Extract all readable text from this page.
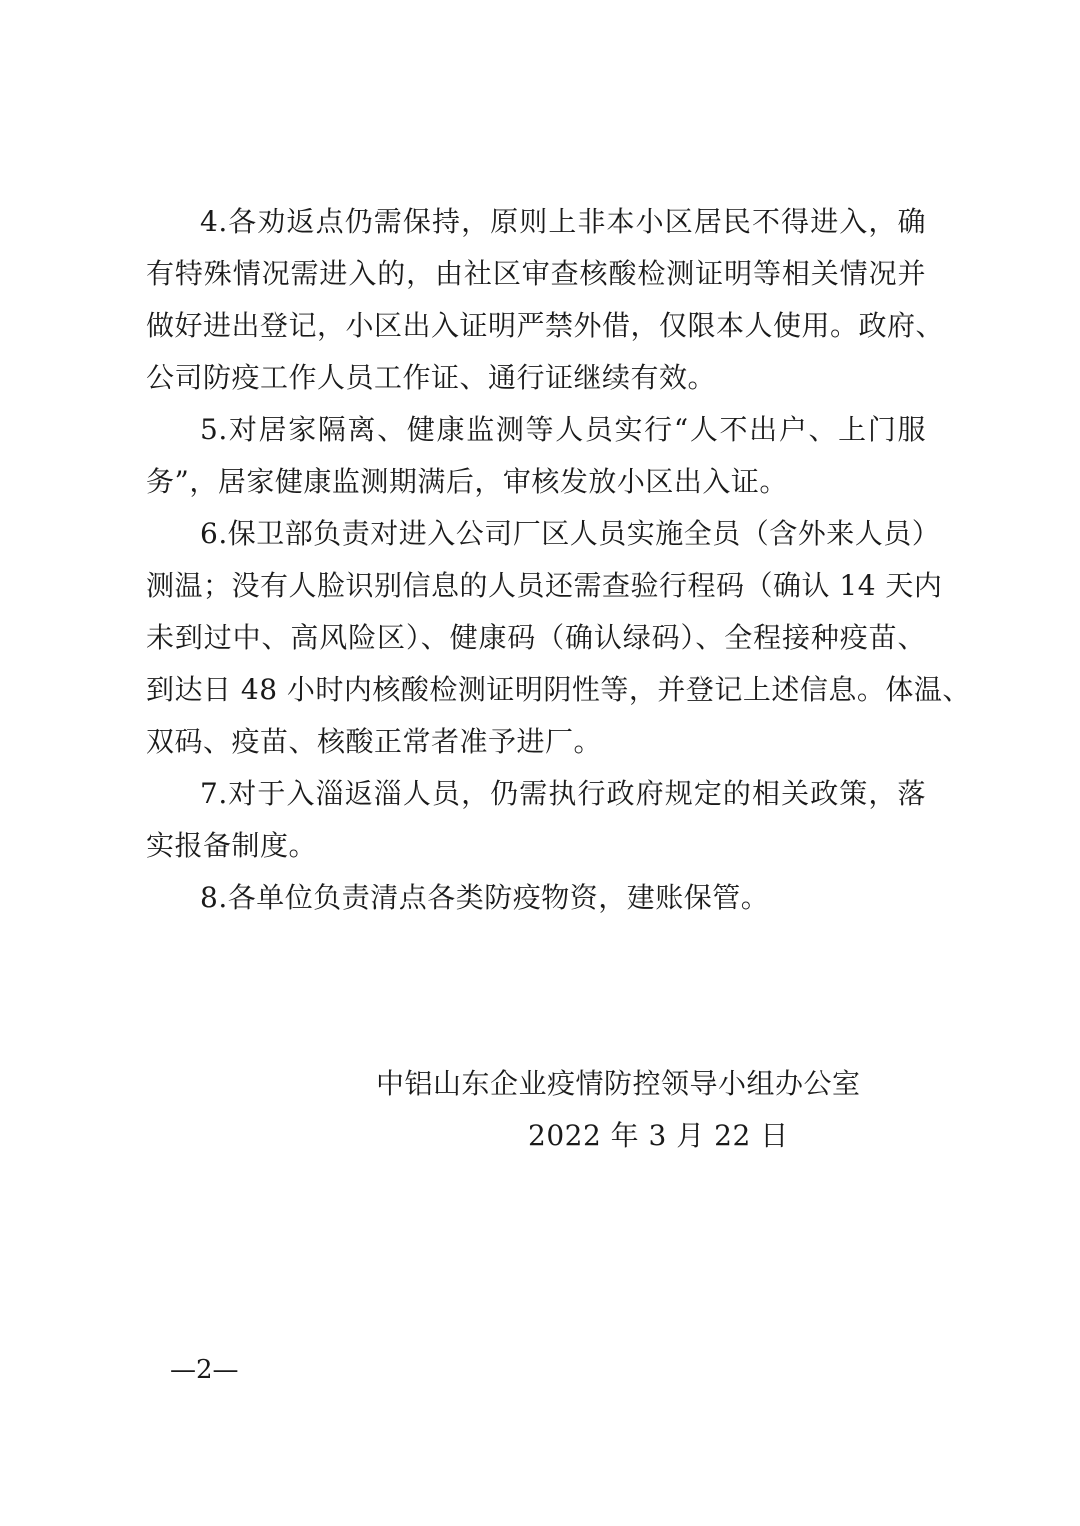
4.各劝返点仍需保持，原则上非本小区居民不得进入，确
有特殊情况需进入的，由社区审查核酸检测证明等相关情况并
做好进出登记，小区出入证明严禁外借，仅限本人使用。政府、
公司防疫工作人员工作证、通行证继续有效。
5.对居家隔离、健康监测等人员实行“人不出户、上门服
务”，居家健康监测期满后，审核发放小区出入证。
6.保卫部负责对进入公司厂区人员实施全员（含外来人员）
测温；没有人脸识别信息的人员还需查验行程码（确认 14 天内
未到过中、高风险区）、健康码（确认绿码）、全程接种疫苗、
到达日 48 小时内核酸检测证明阴性等，并登记上述信息。体温、
双码、疫苗、核酸正常者准予进厂。
7.对于入淄返淄人员，仍需执行政府规定的相关政策，落
实报备制度。
8.各单位负责清点各类防疫物资，建账保管。
中铝山东企业疫情防控领导小组办公室
2022 年 3 月 22 日
—2—
